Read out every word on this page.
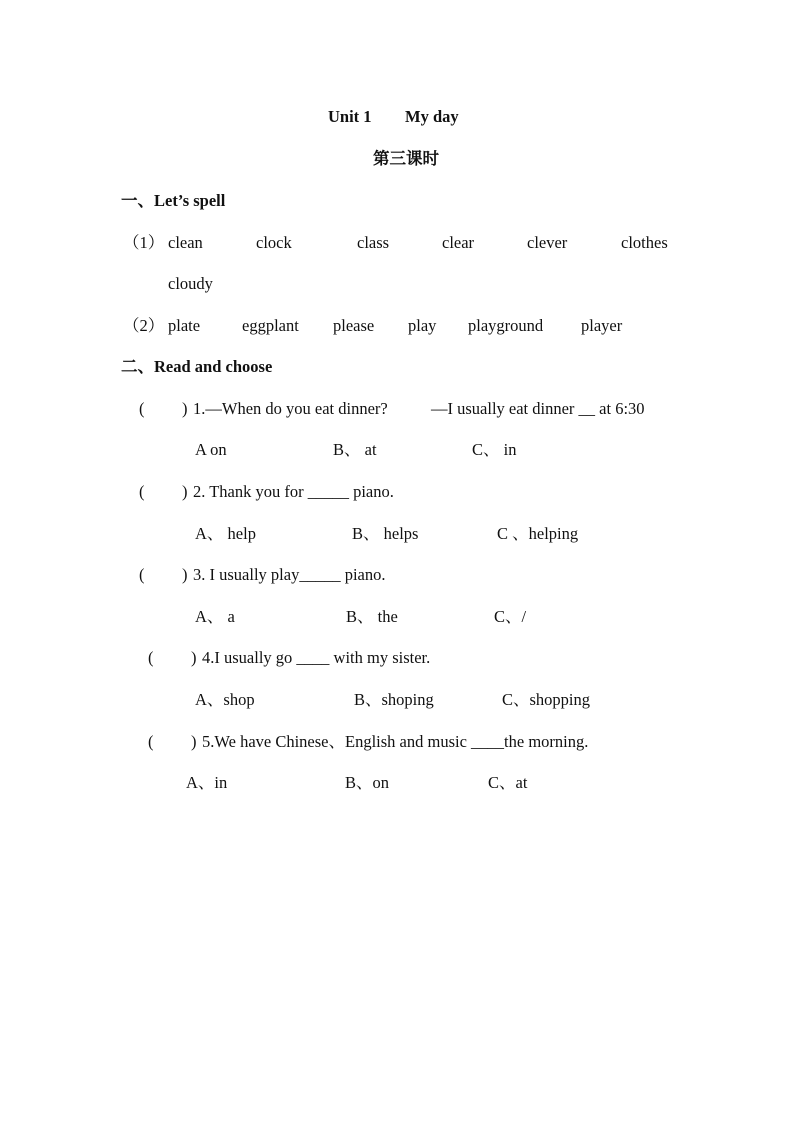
Unit 1 My day
第三课时
一、Let’s spell
（1） clean	clock	class	clear	clever	clothes
cloudy
（2） plate	eggplant please play playground player
二、Read and choose
( ) 1.—When do you eat dinner?	—I usually eat dinner __ at 6:30
A on	B、 at	C、 in
( ) 2. Thank you for _____ piano.
A、 help	B、 helps	C 、helping
( ) 3. I usually play_____ piano.
A、 a	B、 the	C、/
( ) 4.I usually go ____ with my sister.
A、shop	B、shoping	C、shopping
( ) 5.We have Chinese、English and music ____the morning.
A、in	B、on	C、at
